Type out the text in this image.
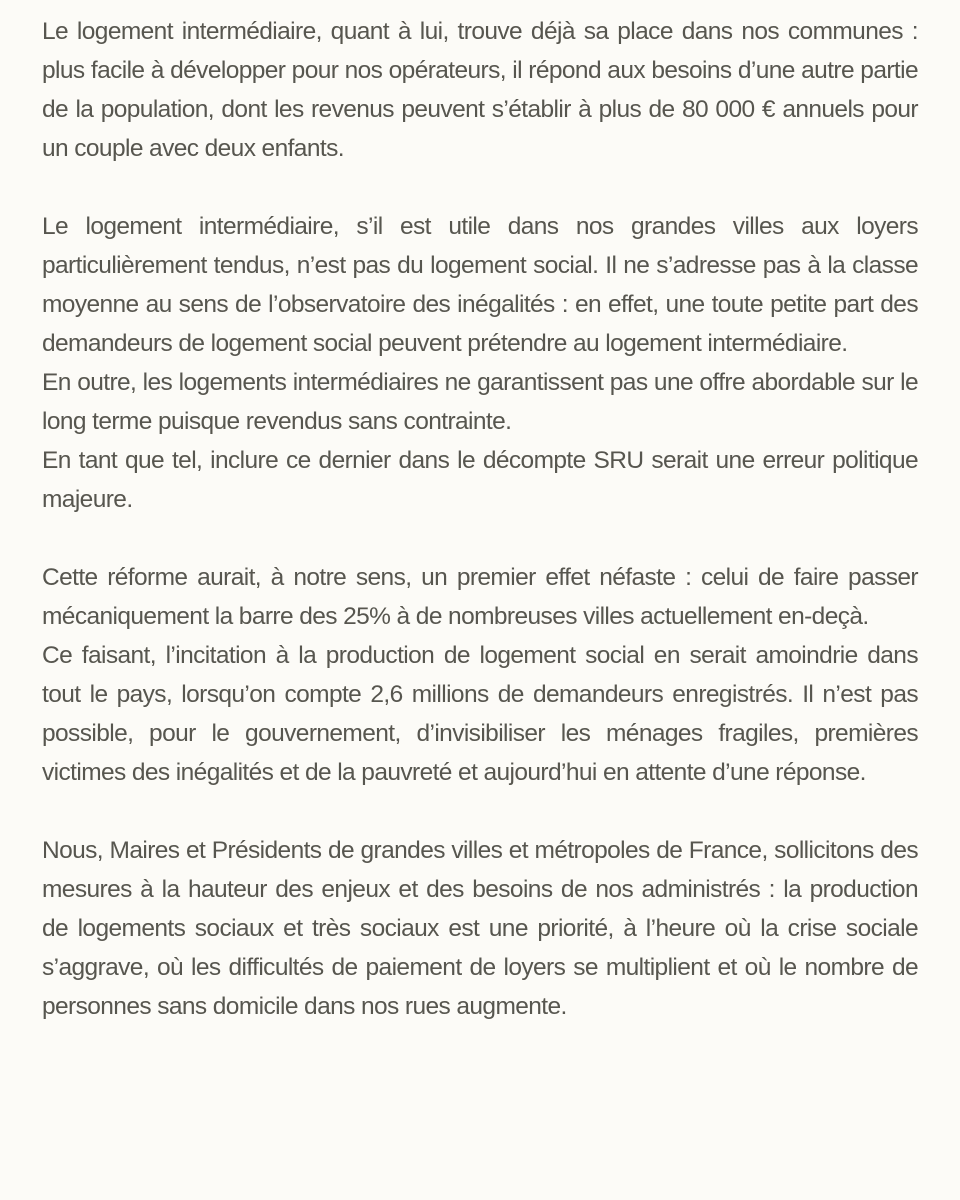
Le logement intermédiaire, quant à lui, trouve déjà sa place dans nos communes : plus facile à développer pour nos opérateurs, il répond aux besoins d’une autre partie de la population, dont les revenus peuvent s’établir à plus de 80 000 € annuels pour un couple avec deux enfants.

Le logement intermédiaire, s’il est utile dans nos grandes villes aux loyers particulièrement tendus, n’est pas du logement social. Il ne s’adresse pas à la classe moyenne au sens de l’observatoire des inégalités : en effet, une toute petite part des demandeurs de logement social peuvent prétendre au logement intermédiaire.

En outre, les logements intermédiaires ne garantissent pas une offre abordable sur le long terme puisque revendus sans contrainte.

En tant que tel, inclure ce dernier dans le décompte SRU serait une erreur politique majeure.

Cette réforme aurait, à notre sens, un premier effet néfaste : celui de faire passer mécaniquement la barre des 25% à de nombreuses villes actuellement en-deçà.

Ce faisant, l’incitation à la production de logement social en serait amoindrie dans tout le pays, lorsqu’on compte 2,6 millions de demandeurs enregistrés. Il n’est pas possible, pour le gouvernement, d’invisibiliser les ménages fragiles, premières victimes des inégalités et de la pauvreté et aujourd’hui en attente d’une réponse.

Nous, Maires et Présidents de grandes villes et métropoles de France, sollicitons des mesures à la hauteur des enjeux et des besoins de nos administrés : la production de logements sociaux et très sociaux est une priorité, à l’heure où la crise sociale s’aggrave, où les difficultés de paiement de loyers se multiplient et où le nombre de personnes sans domicile dans nos rues augmente.
